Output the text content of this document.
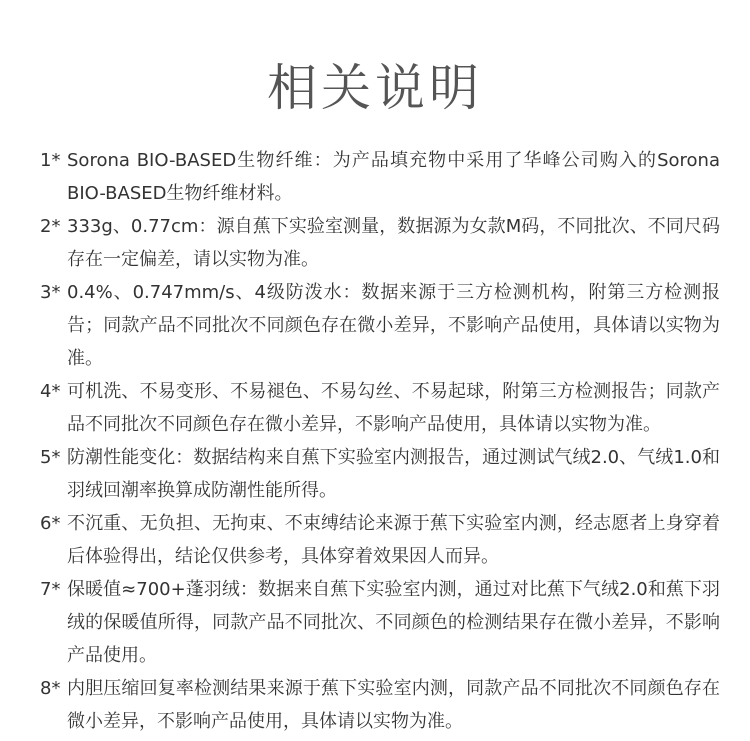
相关说明
1* Sorona BIO-BASED生物纤维：为产品填充物中采用了华峰公司购入的Sorona BIO-BASED生物纤维材料。
2* 333g、0.77cm：源自蕉下实验室测量，数据源为女款M码，不同批次、不同尺码存在一定偏差，请以实物为准。
3* 0.4%、0.747mm/s、4级防泼水：数据来源于三方检测机构，附第三方检测报告；同款产品不同批次不同颜色存在微小差异，不影响产品使用，具体请以实物为准。
4* 可机洗、不易变形、不易褪色、不易勾丝、不易起球，附第三方检测报告；同款产品不同批次不同颜色存在微小差异，不影响产品使用，具体请以实物为准。
5* 防潮性能变化：数据结构来自蕉下实验室内测报告，通过测试气绒2.0、气绒1.0和羽绒回潮率换算成防潮性能所得。
6* 不沉重、无负担、无拘束、不束缚结论来源于蕉下实验室内测，经志愿者上身穿着后体验得出，结论仅供参考，具体穿着效果因人而异。
7* 保暖值≈700+蓬羽绒：数据来自蕉下实验室内测，通过对比蕉下气绒2.0和蕉下羽绒的保暖值所得，同款产品不同批次、不同颜色的检测结果存在微小差异，不影响产品使用。
8* 内胆压缩回复率检测结果来源于蕉下实验室内测，同款产品不同批次不同颜色存在微小差异，不影响产品使用，具体请以实物为准。
